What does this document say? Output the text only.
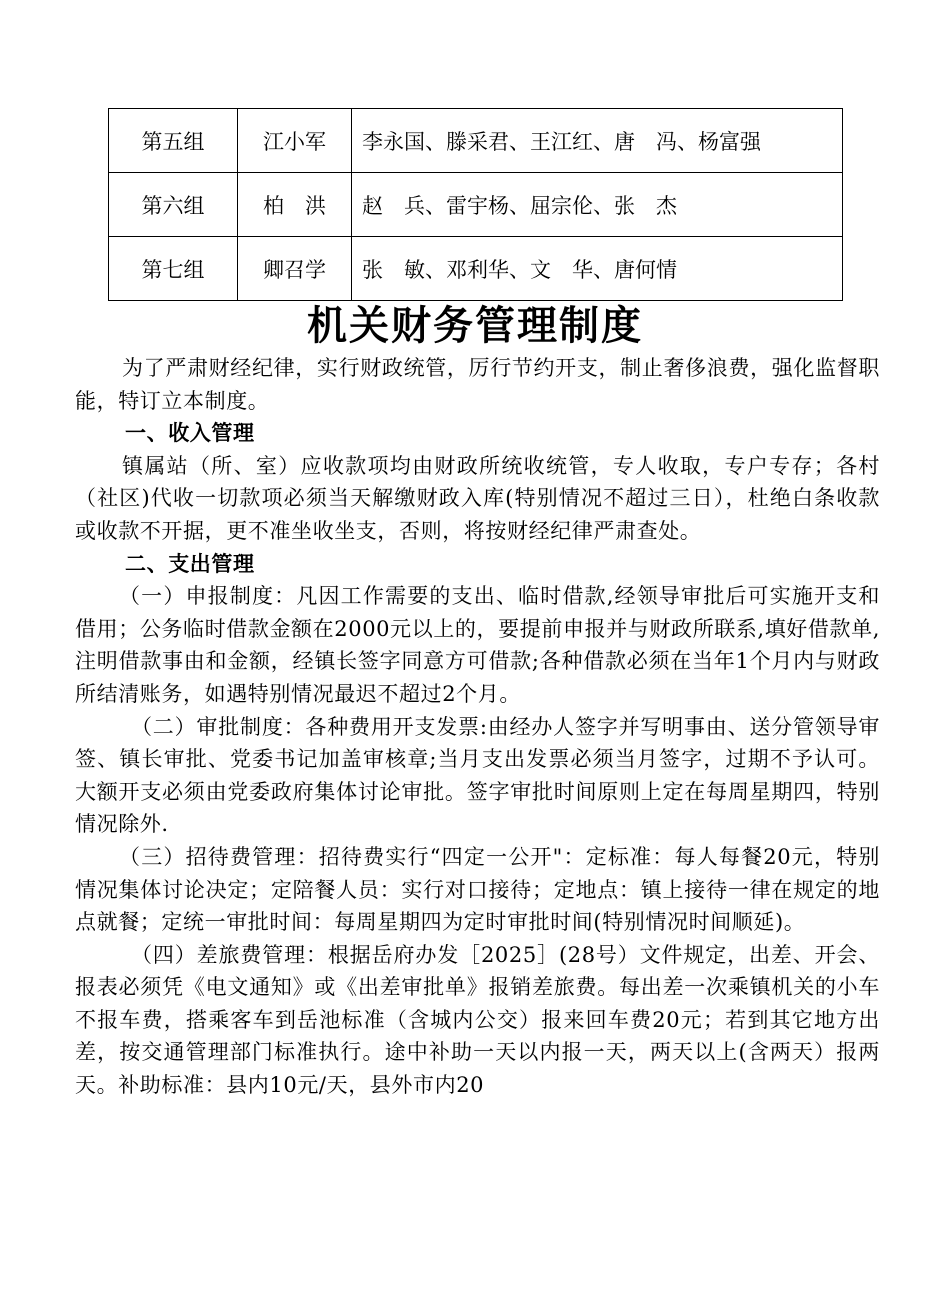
第五组	江小军	李永国、滕采君、王江红、唐　冯、杨富强
第六组	柏　洪	赵　兵、雷宇杨、屈宗伦、张　杰
第七组	卿召学	张　敏、邓利华、文　华、唐何情
机关财务管理制度

为了严肃财经纪律，实行财政统管，厉行节约开支，制止奢侈浪费，强化监督职能，特订立本制度。

一、收入管理

镇属站（所、室）应收款项均由财政所统收统管，专人收取，专户专存；各村（社区)代收一切款项必须当天解缴财政入库(特别情况不超过三日），杜绝白条收款或收款不开据，更不准坐收坐支，否则，将按财经纪律严肃查处。

二、支出管理

（一）申报制度：凡因工作需要的支出、临时借款,经领导审批后可实施开支和借用；公务临时借款金额在2000元以上的，要提前申报并与财政所联系,填好借款单,注明借款事由和金额，经镇长签字同意方可借款;各种借款必须在当年1个月内与财政所结清账务，如遇特别情况最迟不超过2个月。

（二）审批制度：各种费用开支发票:由经办人签字并写明事由、送分管领导审签、镇长审批、党委书记加盖审核章;当月支出发票必须当月签字，过期不予认可。大额开支必须由党委政府集体讨论审批。签字审批时间原则上定在每周星期四，特别情况除外.

（三）招待费管理：招待费实行“四定一公开"：定标准：每人每餐20元，特别情况集体讨论决定；定陪餐人员：实行对口接待；定地点：镇上接待一律在规定的地点就餐；定统一审批时间：每周星期四为定时审批时间(特别情况时间顺延)。

（四）差旅费管理：根据岳府办发［2025］(28号）文件规定，出差、开会、报表必须凭《电文通知》或《出差审批单》报销差旅费。每出差一次乘镇机关的小车不报车费，搭乘客车到岳池标准（含城内公交）报来回车费20元；若到其它地方出差，按交通管理部门标准执行。途中补助一天以内报一天，两天以上(含两天）报两天。补助标准：县内10元/天，县外市内20
